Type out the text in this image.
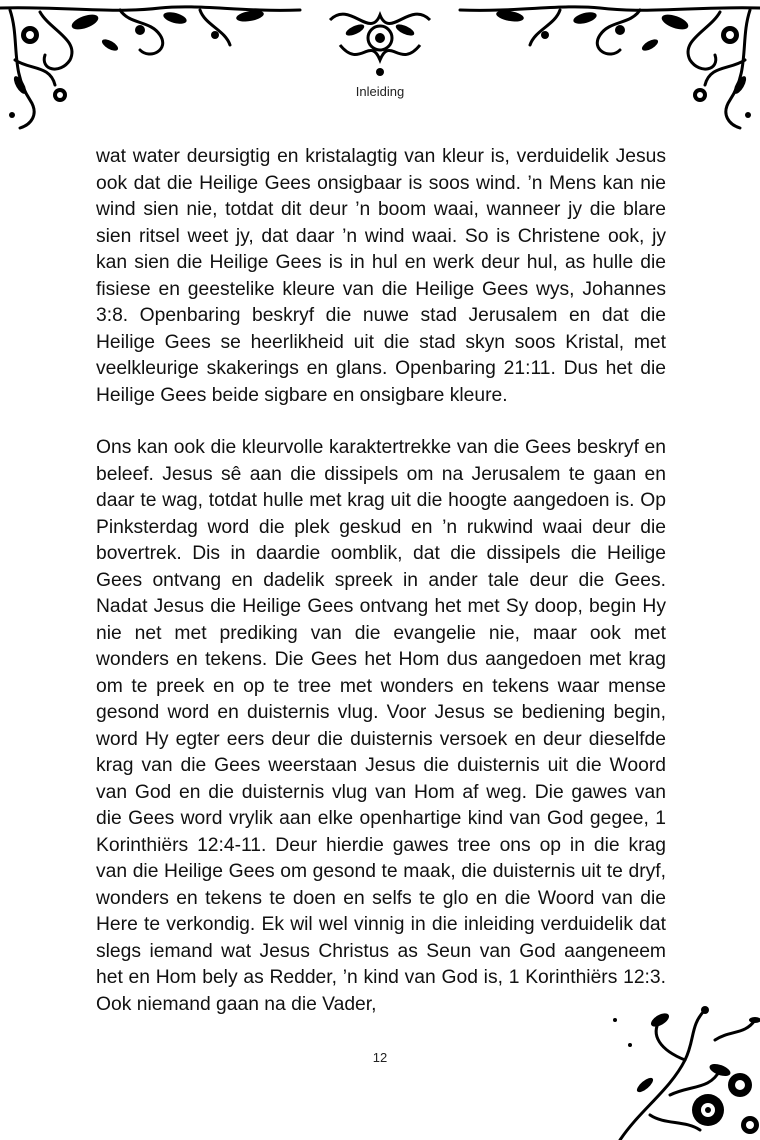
Inleiding

wat water deursigtig en kristalagtig van kleur is, verduidelik Jesus ook dat die Heilige Gees onsigbaar is soos wind. ’n Mens kan nie wind sien nie, totdat dit deur ’n boom waai, wanneer jy die blare sien ritsel weet jy, dat daar ’n wind waai. So is Christene ook, jy kan sien die Heilige Gees is in hul en werk deur hul, as hulle die fisiese en geestelike kleure van die Heilige Gees wys, Johannes 3:8. Openbaring beskryf die nuwe stad Jerusalem en dat die Heilige Gees se heerlikheid uit die stad skyn soos Kristal, met veelkleurige skakerings en glans. Openbaring 21:11. Dus het die Heilige Gees beide sigbare en onsigbare kleure.

Ons kan ook die kleurvolle karaktertrekke van die Gees beskryf en beleef. Jesus sê aan die dissipels om na Jerusalem te gaan en daar te wag, totdat hulle met krag uit die hoogte aangedoen is. Op Pinksterdag word die plek geskud en ’n rukwind waai deur die bovertrek. Dis in daardie oomblik, dat die dissipels die Heilige Gees ontvang en dadelik spreek in ander tale deur die Gees. Nadat Jesus die Heilige Gees ontvang het met Sy doop, begin Hy nie net met prediking van die evangelie nie, maar ook met wonders en tekens. Die Gees het Hom dus aangedoen met krag om te preek en op te tree met wonders en tekens waar mense gesond word en duisternis vlug. Voor Jesus se bediening begin, word Hy egter eers deur die duisternis versoek en deur dieselfde krag van die Gees weerstaan Jesus die duisternis uit die Woord van God en die duisternis vlug van Hom af weg. Die gawes van die Gees word vrylik aan elke openhartige kind van God gegee, 1 Korinthiërs 12:4-11. Deur hierdie gawes tree ons op in die krag van die Heilige Gees om gesond te maak, die duisternis uit te dryf, wonders en tekens te doen en selfs te glo en die Woord van die Here te verkondig. Ek wil wel vinnig in die inleiding verduidelik dat slegs iemand wat Jesus Christus as Seun van God aangeneem het en Hom bely as Redder, ’n kind van God is, 1 Korinthiërs 12:3. Ook niemand gaan na die Vader,

12
